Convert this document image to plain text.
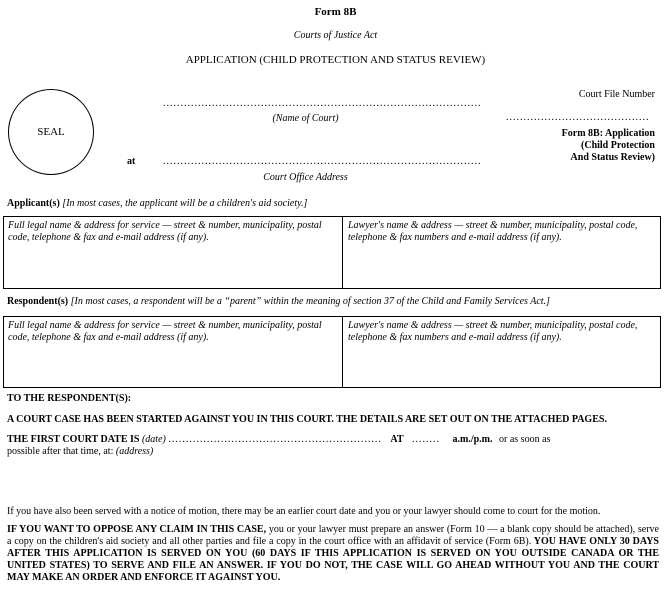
Form 8B
Courts of Justice Act
APPLICATION (CHILD PROTECTION AND STATUS REVIEW)
SEAL
...........................................................................................
(Name of Court)
at	...........................................................................................
Court Office Address
Court File Number
.........................................
Form 8B: Application
(Child Protection
And Status Review)
Applicant(s) [In most cases, the applicant will be a children's aid society.]
Full legal name & address for service — street & number, municipality, postal code, telephone & fax and e-mail address (if any).
Lawyer's name & address — street & number, municipality, postal code, telephone & fax numbers and e-mail address (if any).
Respondent(s) [In most cases, a respondent will be a “parent” within the meaning of section 37 of the Child and Family Services Act.]
Full legal name & address for service — street & number, municipality, postal code, telephone & fax and e-mail address (if any).
Lawyer's name & address — street & number, municipality, postal code, telephone & fax numbers and e-mail address (if any).
TO THE RESPONDENT(S):
A COURT CASE HAS BEEN STARTED AGAINST YOU IN THIS COURT. THE DETAILS ARE SET OUT ON THE ATTACHED PAGES.
THE FIRST COURT DATE IS (date) ............................................................. AT ........ a.m./p.m. or as soon as
possible after that time, at: (address)
If you have also been served with a notice of motion, there may be an earlier court date and you or your lawyer should come to court for the motion.
IF YOU WANT TO OPPOSE ANY CLAIM IN THIS CASE, you or your lawyer must prepare an answer (Form 10 — a blank copy should be attached), serve a copy on the children's aid society and all other parties and file a copy in the court office with an affidavit of service (Form 6B). YOU HAVE ONLY 30 DAYS AFTER THIS APPLICATION IS SERVED ON YOU (60 DAYS IF THIS APPLICATION IS SERVED ON YOU OUTSIDE CANADA OR THE UNITED STATES) TO SERVE AND FILE AN ANSWER. IF YOU DO NOT, THE CASE WILL GO AHEAD WITHOUT YOU AND THE COURT MAY MAKE AN ORDER AND ENFORCE IT AGAINST YOU.
